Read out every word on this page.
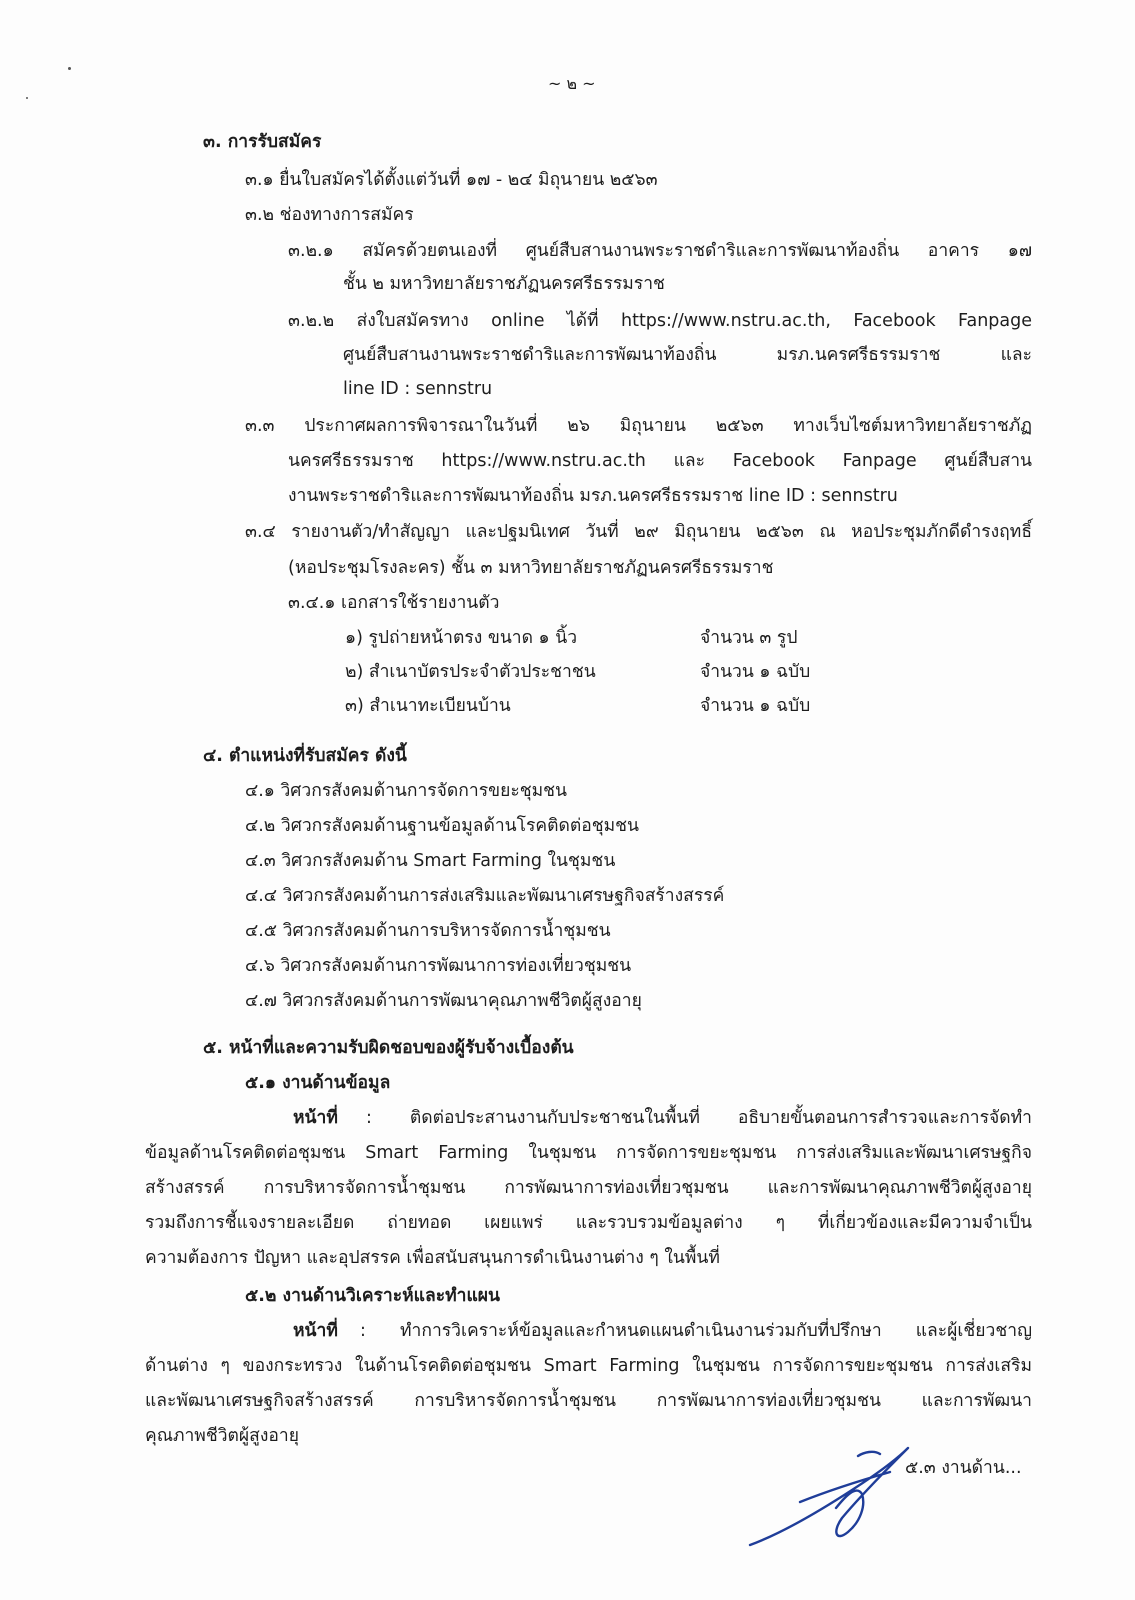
~ ๒ ~
๓. การรับสมัคร
๓.๑ ยื่นใบสมัครได้ตั้งแต่วันที่ ๑๗ - ๒๔ มิถุนายน ๒๕๖๓
๓.๒ ช่องทางการสมัคร
๓.๒.๑ สมัครด้วยตนเองที่ ศูนย์สืบสานงานพระราชดำริและการพัฒนาท้องถิ่น อาคาร ๑๗
ชั้น ๒ มหาวิทยาลัยราชภัฏนครศรีธรรมราช
๓.๒.๒ ส่งใบสมัครทาง online ได้ที่ https://www.nstru.ac.th, Facebook Fanpage
ศูนย์สืบสานงานพระราชดำริและการพัฒนาท้องถิ่น มรภ.นครศรีธรรมราช และ
line ID : sennstru
๓.๓ ประกาศผลการพิจารณาในวันที่ ๒๖ มิถุนายน ๒๕๖๓ ทางเว็บไซต์มหาวิทยาลัยราชภัฏ
นครศรีธรรมราช https://www.nstru.ac.th และ Facebook Fanpage ศูนย์สืบสาน
งานพระราชดำริและการพัฒนาท้องถิ่น มรภ.นครศรีธรรมราช line ID : sennstru
๓.๔ รายงานตัว/ทำสัญญา และปฐมนิเทศ วันที่ ๒๙ มิถุนายน ๒๕๖๓ ณ หอประชุมภักดีดำรงฤทธิ์
(หอประชุมโรงละคร) ชั้น ๓ มหาวิทยาลัยราชภัฏนครศรีธรรมราช
๓.๔.๑ เอกสารใช้รายงานตัว
๑) รูปถ่ายหน้าตรง ขนาด ๑ นิ้ว	จำนวน ๓ รูป
๒) สำเนาบัตรประจำตัวประชาชน	จำนวน ๑ ฉบับ
๓) สำเนาทะเบียนบ้าน	จำนวน ๑ ฉบับ
๔. ตำแหน่งที่รับสมัคร ดังนี้
๔.๑ วิศวกรสังคมด้านการจัดการขยะชุมชน
๔.๒ วิศวกรสังคมด้านฐานข้อมูลด้านโรคติดต่อชุมชน
๔.๓ วิศวกรสังคมด้าน Smart Farming ในชุมชน
๔.๔ วิศวกรสังคมด้านการส่งเสริมและพัฒนาเศรษฐกิจสร้างสรรค์
๔.๕ วิศวกรสังคมด้านการบริหารจัดการน้ำชุมชน
๔.๖ วิศวกรสังคมด้านการพัฒนาการท่องเที่ยวชุมชน
๔.๗ วิศวกรสังคมด้านการพัฒนาคุณภาพชีวิตผู้สูงอายุ
๕. หน้าที่และความรับผิดชอบของผู้รับจ้างเบื้องต้น
๕.๑ งานด้านข้อมูล
หน้าที่ : ติดต่อประสานงานกับประชาชนในพื้นที่ อธิบายขั้นตอนการสำรวจและการจัดทำ
ข้อมูลด้านโรคติดต่อชุมชน Smart Farming ในชุมชน การจัดการขยะชุมชน การส่งเสริมและพัฒนาเศรษฐกิจ
สร้างสรรค์ การบริหารจัดการน้ำชุมชน การพัฒนาการท่องเที่ยวชุมชน และการพัฒนาคุณภาพชีวิตผู้สูงอายุ
รวมถึงการชี้แจงรายละเอียด ถ่ายทอด เผยแพร่ และรวบรวมข้อมูลต่าง ๆ ที่เกี่ยวข้องและมีความจำเป็น
ความต้องการ ปัญหา และอุปสรรค เพื่อสนับสนุนการดำเนินงานต่าง ๆ ในพื้นที่
๕.๒ งานด้านวิเคราะห์และทำแผน
หน้าที่ : ทำการวิเคราะห์ข้อมูลและกำหนดแผนดำเนินงานร่วมกับที่ปรึกษา และผู้เชี่ยวชาญ
ด้านต่าง ๆ ของกระทรวง ในด้านโรคติดต่อชุมชน Smart Farming ในชุมชน การจัดการขยะชุมชน การส่งเสริม
และพัฒนาเศรษฐกิจสร้างสรรค์ การบริหารจัดการน้ำชุมชน การพัฒนาการท่องเที่ยวชุมชน และการพัฒนา
คุณภาพชีวิตผู้สูงอายุ
๕.๓ งานด้าน...
